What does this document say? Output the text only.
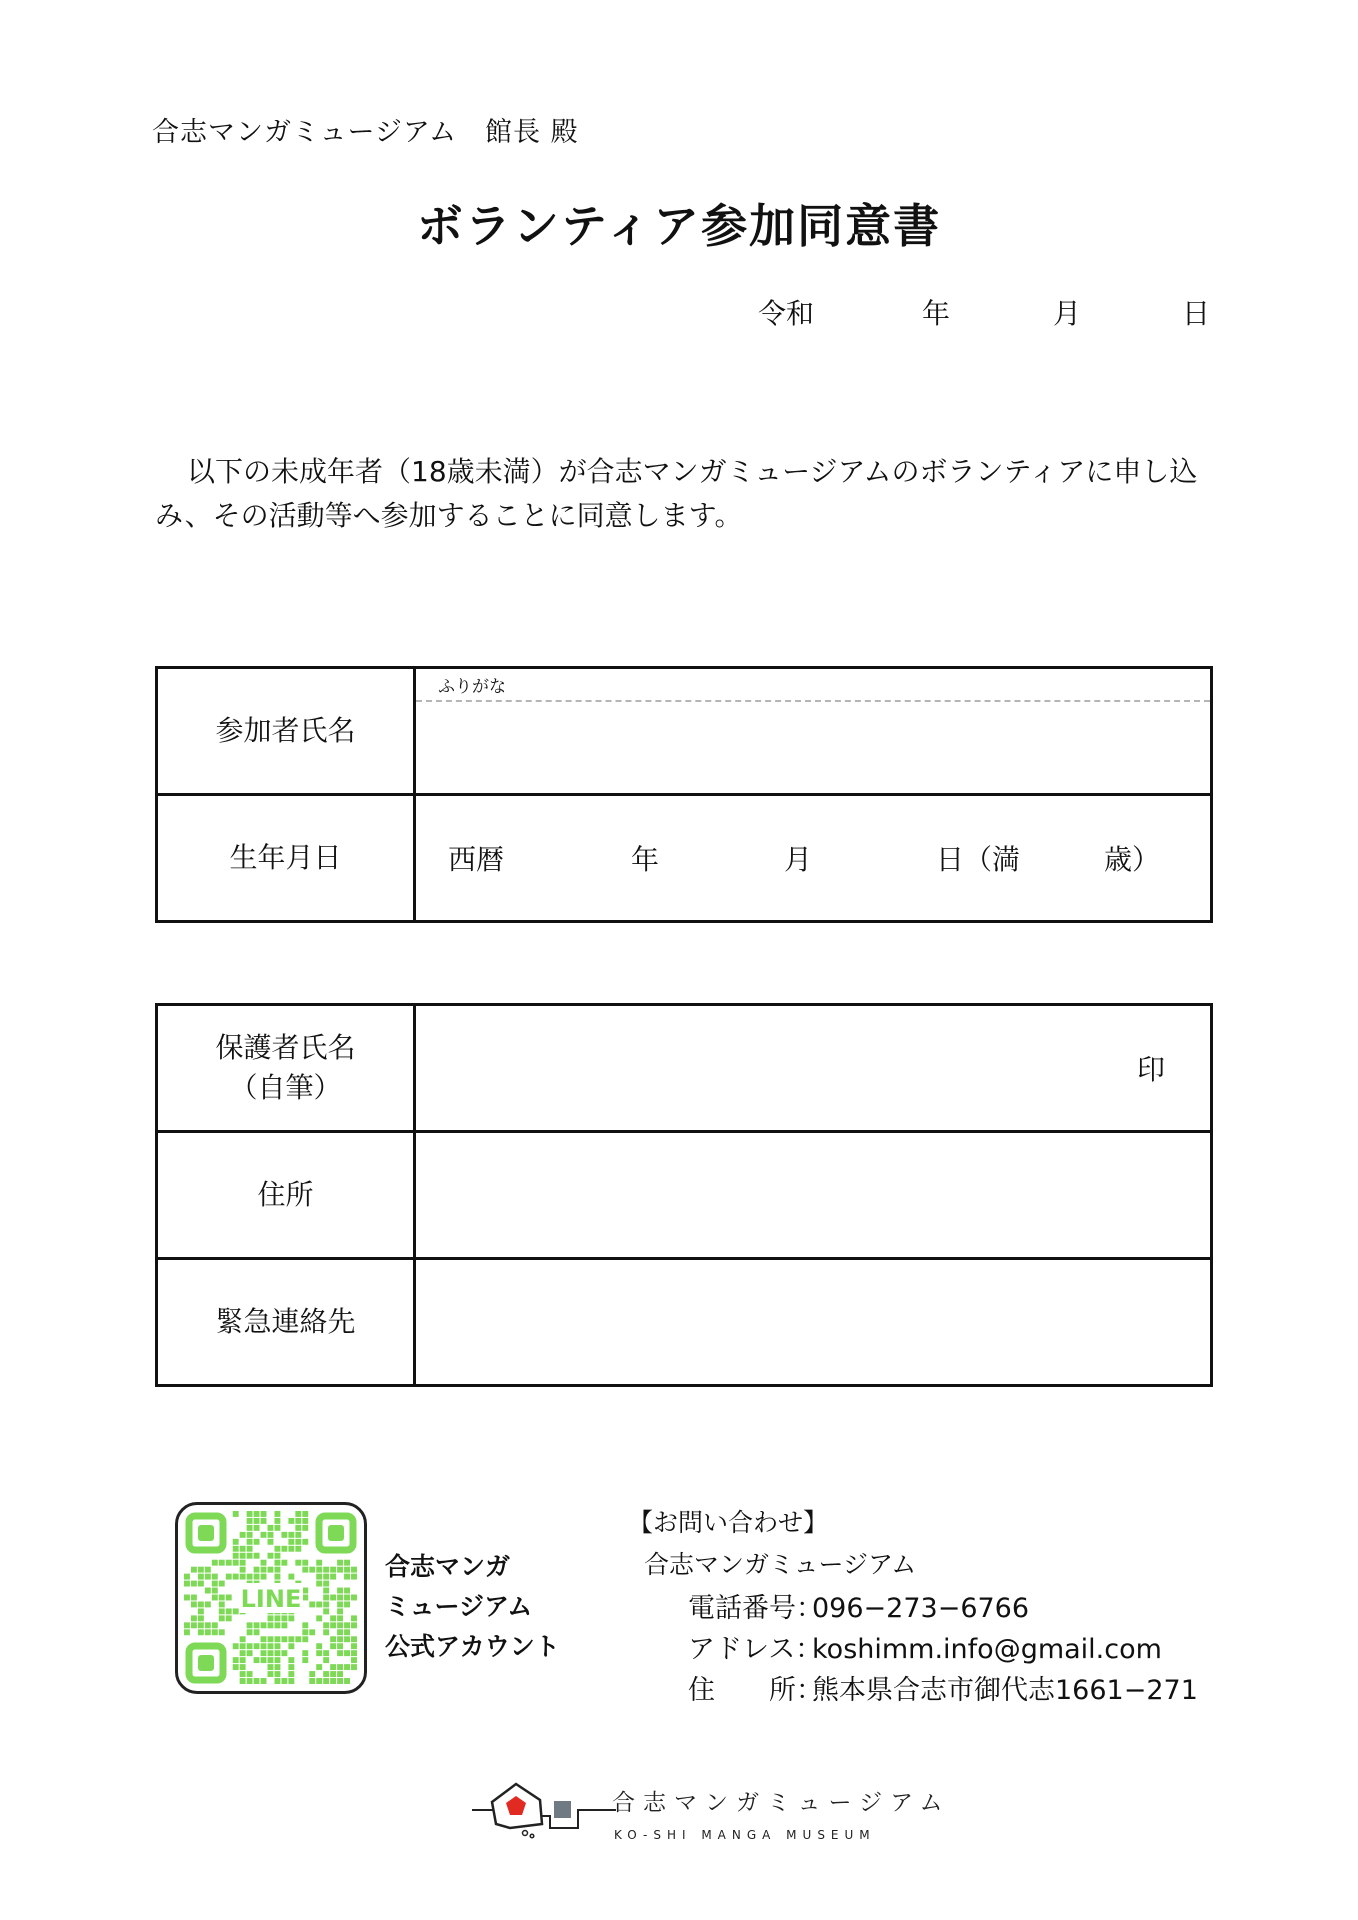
合志マンガミュージアム　館長 殿
ボランティア参加同意書
令和	年	月	日
以下の未成年者（18歳未満）が合志マンガミュージアムのボランティアに申し込み、その活動等へ参加することに同意します。
参加者氏名	ふりがな

生年月日	西暦 年 月 日（満 歳）
保護者氏名
（自筆）	印

住所	
緊急連絡先	
LINE
合志マンガ
ミュージアム
公式アカウント
【お問い合わせ】
合志マンガミュージアム
電話番号：096−273−6766
アドレス：koshimm.info@gmail.com
住　　所：熊本県合志市御代志1661−271
合志マンガミュージアム
KO-SHI MANGA MUSEUM
